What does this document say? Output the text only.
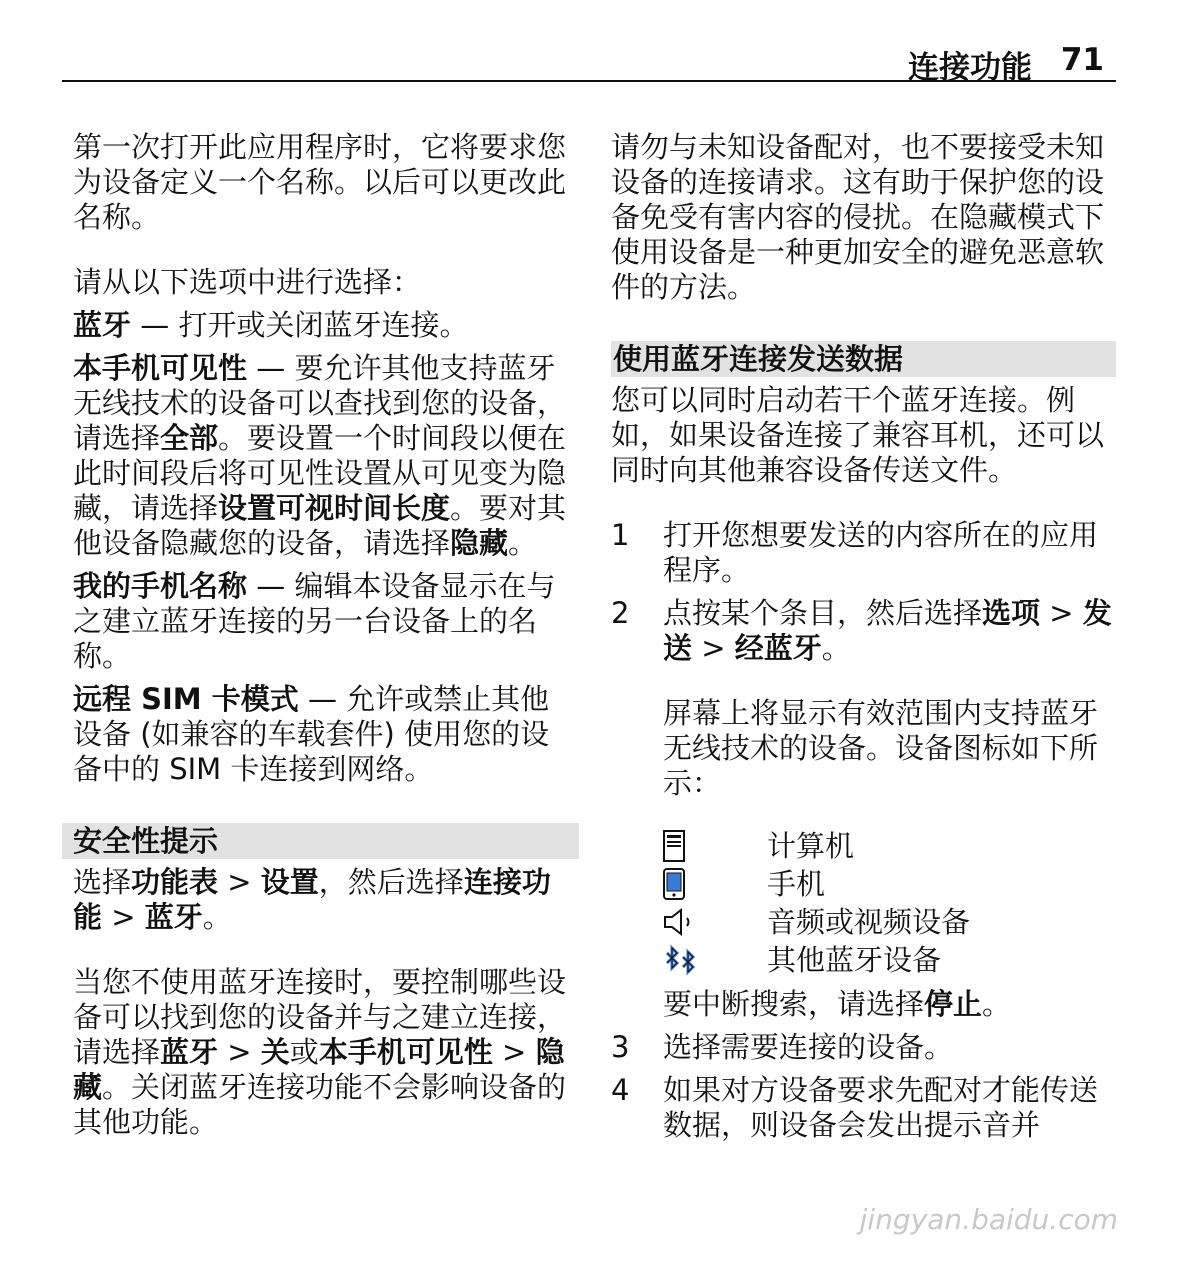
连接功能 71

第一次打开此应用程序时，它将要求您为设备定义一个名称。以后可以更改此名称。

请从以下选项中进行选择：

蓝牙 — 打开或关闭蓝牙连接。

本手机可见性 — 要允许其他支持蓝牙无线技术的设备可以查找到您的设备，请选择全部。要设置一个时间段以便在此时间段后将可见性设置从可见变为隐藏，请选择设置可视时间长度。要对其他设备隐藏您的设备，请选择隐藏。

我的手机名称 — 编辑本设备显示在与之建立蓝牙连接的另一台设备上的名称。

远程 SIM 卡模式 — 允许或禁止其他设备 (如兼容的车载套件) 使用您的设备中的 SIM 卡连接到网络。

安全性提示

选择功能表 > 设置，然后选择连接功能 > 蓝牙。

当您不使用蓝牙连接时，要控制哪些设备可以找到您的设备并与之建立连接，请选择蓝牙 > 关或本手机可见性 > 隐藏。关闭蓝牙连接功能不会影响设备的其他功能。

请勿与未知设备配对，也不要接受未知设备的连接请求。这有助于保护您的设备免受有害内容的侵扰。在隐藏模式下使用设备是一种更加安全的避免恶意软件的方法。

使用蓝牙连接发送数据

您可以同时启动若干个蓝牙连接。例如，如果设备连接了兼容耳机，还可以同时向其他兼容设备传送文件。

1 打开您想要发送的内容所在的应用程序。
2 点按某个条目，然后选择选项 > 发送 > 经蓝牙。

屏幕上将显示有效范围内支持蓝牙无线技术的设备。设备图标如下所示：

计算机
手机
音频或视频设备
其他蓝牙设备

要中断搜索，请选择停止。

3 选择需要连接的设备。
4 如果对方设备要求先配对才能传送数据，则设备会发出提示音并
jingyan.baidu.com
